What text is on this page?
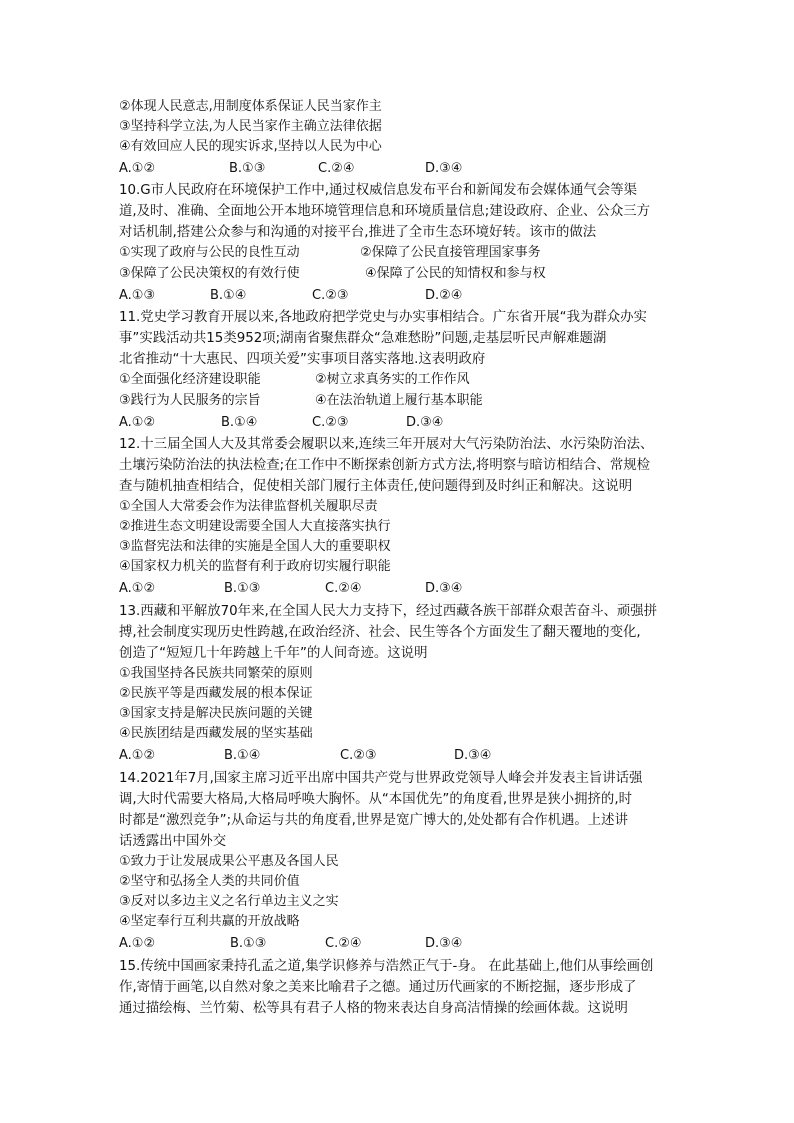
②体现人民意志,用制度体系保证人民当家作主
③坚持科学立法,为人民当家作主确立法律依据
④有效回应人民的现实诉求,坚持以人民为中心
A.①②	B.①③	C.②④	D.③④
10.G市人民政府在环境保护工作中,通过权威信息发布平台和新闻发布会媒体通气会等渠
道,及时、准确、全面地公开本地环境管理信息和环境质量信息;建设政府、企业、公众三方
对话机制,搭建公众参与和沟通的对接平台,推进了全市生态环境好转。该市的做法
①实现了政府与公民的良性互动	②保障了公民直接管理国家事务
③保障了公民决策权的有效行使	④保障了公民的知情权和参与权
A.①③	B.①④	C.②③	D.②④
11.党史学习教育开展以来,各地政府把学党史与办实事相结合。广东省开展“我为群众办实
事”实践活动共15类952项;湖南省聚焦群众“急难愁盼”问题,走基层听民声解难题湖
北省推动“十大惠民、四项关爱”实事项目落实落地.这表明政府
①全面强化经济建设职能	②树立求真务实的工作作风
③践行为人民服务的宗旨	④在法治轨道上履行基本职能
A.①②	B.①④	C.②③	D.③④
12.十三届全国人大及其常委会履职以来,连续三年开展对大气污染防治法、水污染防治法、
土壤污染防治法的执法检查;在工作中不断探索创新方式方法,将明察与暗访相结合、常规检
查与随机抽查相结合，促使相关部门履行主体责任,使问题得到及时纠正和解决。这说明
①全国人大常委会作为法律监督机关履职尽责
②推进生态文明建设需要全国人大直接落实执行
③监督宪法和法律的实施是全国人大的重要职权
④国家权力机关的监督有利于政府切实履行职能
A.①②	B.①③	C.②④	D.③④
13.西藏和平解放70年来,在全国人民大力支持下，经过西藏各族干部群众艰苦奋斗、顽强拼
搏,社会制度实现历史性跨越,在政治经济、社会、民生等各个方面发生了翻天覆地的变化,
创造了“短短几十年跨越上千年”的人间奇迹。这说明
①我国坚持各民族共同繁荣的原则
②民族平等是西藏发展的根本保证
③国家支持是解决民族问题的关键
④民族团结是西藏发展的坚实基础
A.①②	B.①④	C.②③	D.③④
14.2021年7月,国家主席习近平出席中国共产党与世界政党领导人峰会并发表主旨讲话强
调,大时代需要大格局,大格局呼唤大胸怀。从“本国优先”的角度看,世界是狭小拥挤的,时
时都是“激烈竞争”;从命运与共的角度看,世界是宽广博大的,处处都有合作机遇。上述讲
话透露出中国外交
①致力于让发展成果公平惠及各国人民
②坚守和弘扬全人类的共同价值
③反对以多边主义之名行单边主义之实
④坚定奉行互利共赢的开放战略
A.①②	B.①③	C.②④	D.③④
15.传统中国画家秉持孔孟之道,集学识修养与浩然正气于-身。 在此基础上,他们从事绘画创
作,寄情于画笔,以自然对象之美来比喻君子之德。通过历代画家的不断挖掘，逐步形成了
通过描绘梅、兰竹菊、松等具有君子人格的物来表达自身高洁情操的绘画体裁。这说明
